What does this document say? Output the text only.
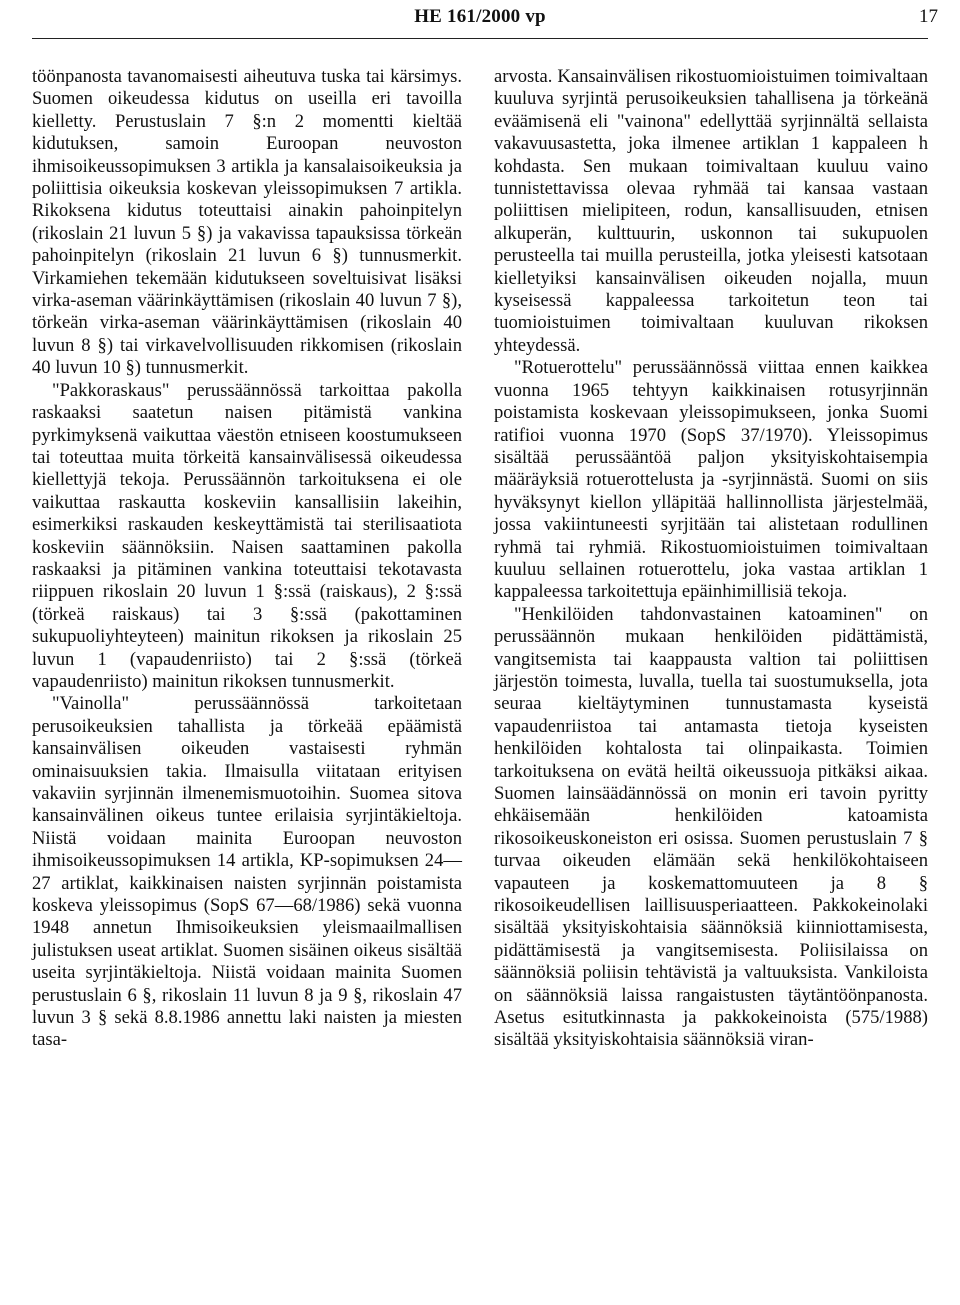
HE 161/2000 vp	17

töönpanosta tavanomaisesti aiheutuva tuska tai kärsimys. Suomen oikeudessa kidutus on useilla eri tavoilla kielletty. Perustuslain 7 §:n 2 momentti kieltää kidutuksen, samoin Euroopan neuvoston ihmisoikeussopimuksen 3 artikla ja kansalaisoikeuksia ja poliittisia oikeuksia koskevan yleissopimuksen 7 artikla. Rikoksena kidutus toteuttaisi ainakin pahoinpitelyn (rikoslain 21 luvun 5 §) ja vakavissa tapauksissa törkeän pahoinpitelyn (rikoslain 21 luvun 6 §) tunnusmerkit. Virkamiehen tekemään kidutukseen soveltuisivat lisäksi virka-aseman väärinkäyttämisen (rikoslain 40 luvun 7 §), törkeän virka-aseman väärinkäyttämisen (rikoslain 40 luvun 8 §) tai virkavelvollisuuden rikkomisen (rikoslain 40 luvun 10 §) tunnusmerkit.

"Pakkoraskaus" perussäännössä tarkoittaa pakolla raskaaksi saatetun naisen pitämistä vankina pyrkimyksenä vaikuttaa väestön etniseen koostumukseen tai toteuttaa muita törkeitä kansainvälisessä oikeudessa kiellettyjä tekoja. Perussäännön tarkoituksena ei ole vaikuttaa raskautta koskeviin kansallisiin lakeihin, esimerkiksi raskauden keskeyttämistä tai sterilisaatiota koskeviin säännöksiin. Naisen saattaminen pakolla raskaaksi ja pitäminen vankina toteuttaisi tekotavasta riippuen rikoslain 20 luvun 1 §:ssä (raiskaus), 2 §:ssä (törkeä raiskaus) tai 3 §:ssä (pakottaminen sukupuoliyhteyteen) mainitun rikoksen ja rikoslain 25 luvun 1 (vapaudenriisto) tai 2 §:ssä (törkeä vapaudenriisto) mainitun rikoksen tunnusmerkit.

"Vainolla" perussäännössä tarkoitetaan perusoikeuksien tahallista ja törkeää epäämistä kansainvälisen oikeuden vastaisesti ryhmän ominaisuuksien takia. Ilmaisulla viitataan erityisen vakaviin syrjinnän ilmenemismuotoihin. Suomea sitova kansainvälinen oikeus tuntee erilaisia syrjintäkieltoja. Niistä voidaan mainita Euroopan neuvoston ihmisoikeussopimuksen 14 artikla, KP-sopimuksen 24—27 artiklat, kaikkinaisen naisten syrjinnän poistamista koskeva yleissopimus (SopS 67—68/1986) sekä vuonna 1948 annetun Ihmisoikeuksien yleismaailmallisen julistuksen useat artiklat. Suomen sisäinen oikeus sisältää useita syrjintäkieltoja. Niistä voidaan mainita Suomen perustuslain 6 §, rikoslain 11 luvun 8 ja 9 §, rikoslain 47 luvun 3 § sekä 8.8.1986 annettu laki naisten ja miesten tasa-

arvosta. Kansainvälisen rikostuomioistuimen toimivaltaan kuuluva syrjintä perusoikeuksien tahallisena ja törkeänä eväämisenä eli "vainona" edellyttää syrjinnältä sellaista vakavuusastetta, joka ilmenee artiklan 1 kappaleen h kohdasta. Sen mukaan toimivaltaan kuuluu vaino tunnistettavissa olevaa ryhmää tai kansaa vastaan poliittisen mielipiteen, rodun, kansallisuuden, etnisen alkuperän, kulttuurin, uskonnon tai sukupuolen perusteella tai muilla perusteilla, jotka yleisesti katsotaan kielletyiksi kansainvälisen oikeuden nojalla, muun kyseisessä kappaleessa tarkoitetun teon tai tuomioistuimen toimivaltaan kuuluvan rikoksen yhteydessä.

"Rotuerottelu" perussäännössä viittaa ennen kaikkea vuonna 1965 tehtyyn kaikkinaisen rotusyrjinnän poistamista koskevaan yleissopimukseen, jonka Suomi ratifioi vuonna 1970 (SopS 37/1970). Yleissopimus sisältää perussääntöä paljon yksityiskohtaisempia määräyksiä rotuerottelusta ja -syrjinnästä. Suomi on siis hyväksynyt kiellon ylläpitää hallinnollista järjestelmää, jossa vakiintuneesti syrjitään tai alistetaan rodullinen ryhmä tai ryhmiä. Rikostuomioistuimen toimivaltaan kuuluu sellainen rotuerottelu, joka vastaa artiklan 1 kappaleessa tarkoitettuja epäinhimillisiä tekoja.

"Henkilöiden tahdonvastainen katoaminen" on perussäännön mukaan henkilöiden pidättämistä, vangitsemista tai kaappausta valtion tai poliittisen järjestön toimesta, luvalla, tuella tai suostumuksella, jota seuraa kieltäytyminen tunnustamasta kyseistä vapaudenriistoa tai antamasta tietoja kyseisten henkilöiden kohtalosta tai olinpaikasta. Toimien tarkoituksena on evätä heiltä oikeussuoja pitkäksi aikaa. Suomen lainsäädännössä on monin eri tavoin pyritty ehkäisemään henkilöiden katoamista rikosoikeuskoneiston eri osissa. Suomen perustuslain 7 § turvaa oikeuden elämään sekä henkilökohtaiseen vapauteen ja koskemattomuuteen ja 8 § rikosoikeudellisen laillisuusperiaatteen. Pakkokeinolaki sisältää yksityiskohtaisia säännöksiä kiinniottamisesta, pidättämisestä ja vangitsemisesta. Poliisilaissa on säännöksiä poliisin tehtävistä ja valtuuksista. Vankiloista on säännöksiä laissa rangaistusten täytäntöönpanosta. Asetus esitutkinnasta ja pakkokeinoista (575/1988) sisältää yksityiskohtaisia säännöksiä viran-
